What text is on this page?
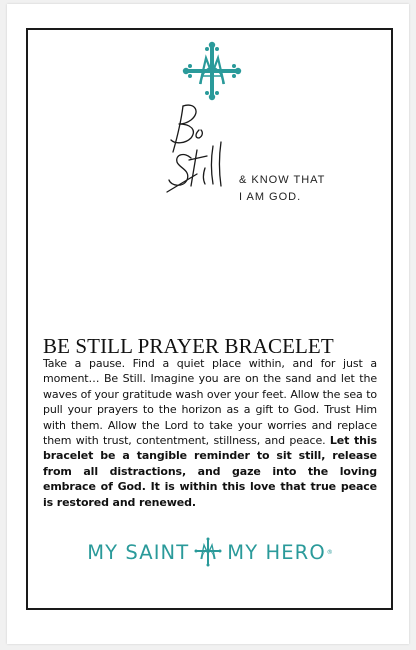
Be Still
& KNOW THAT
I AM GOD.
BE STILL PRAYER BRACELET
Take a pause. Find a quiet place within, and for just a moment… Be Still. Imagine you are on the sand and let the waves of your gratitude wash over your feet. Allow the sea to pull your prayers to the horizon as a gift to God. Trust Him with them. Allow the Lord to take your worries and replace them with trust, contentment, stillness, and peace. Let this bracelet be a tangible reminder to sit still, release from all distractions, and gaze into the loving embrace of God. It is within this love that true peace is restored and renewed.
MY SAINT MY HERO ®
